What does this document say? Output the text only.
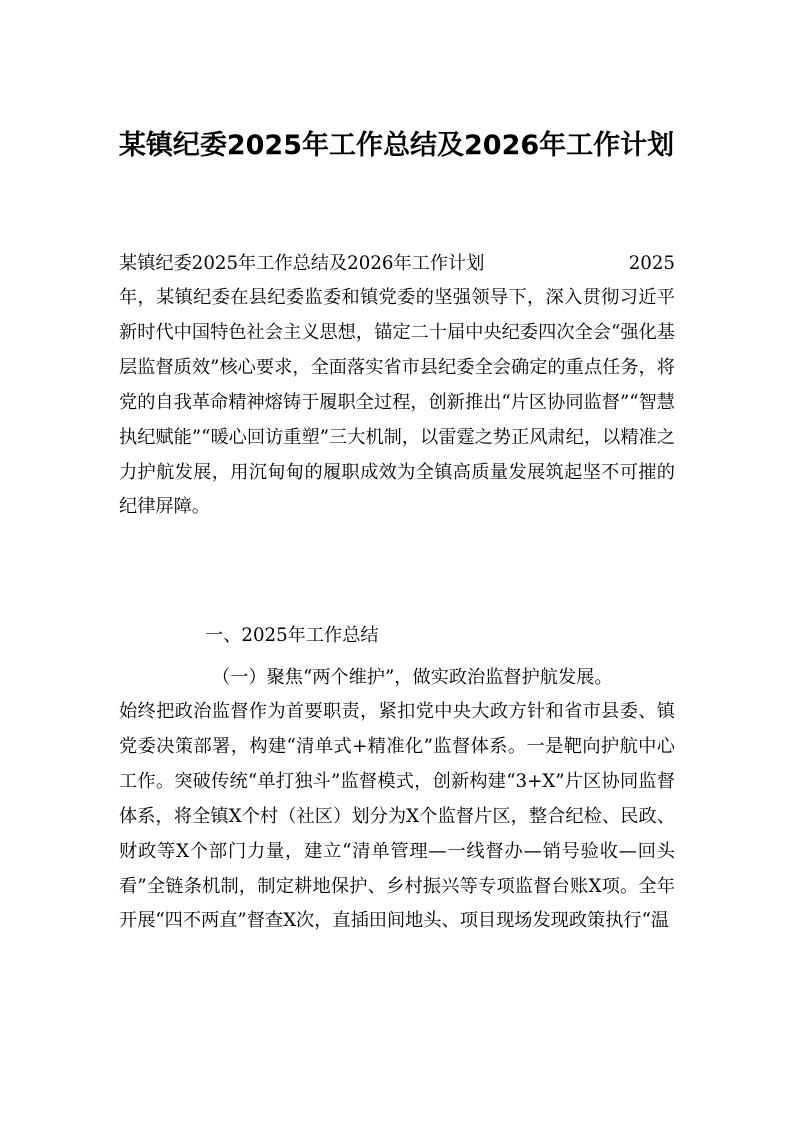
某镇纪委2025年工作总结及2026年工作计划
某镇纪委2025年工作总结及2026年工作计划	2025

年，某镇纪委在县纪委监委和镇党委的坚强领导下，深入贯彻习近平新时代中国特色社会主义思想，锚定二十届中央纪委四次全会“强化基层监督质效”核心要求，全面落实省市县纪委全会确定的重点任务，将党的自我革命精神熔铸于履职全过程，创新推出“片区协同监督”“智慧执纪赋能”“暖心回访重塑”三大机制，以雷霆之势正风肃纪，以精准之力护航发展，用沉甸甸的履职成效为全镇高质量发展筑起坚不可摧的纪律屏障。

一、2025年工作总结

（一）聚焦“两个维护”，做实政治监督护航发展。

始终把政治监督作为首要职责，紧扣党中央大政方针和省市县委、镇党委决策部署，构建“清单式+精准化”监督体系。一是靶向护航中心工作。突破传统“单打独斗”监督模式，创新构建“3+X”片区协同监督体系，将全镇X个村（社区）划分为X个监督片区，整合纪检、民政、财政等X个部门力量，建立“清单管理—一线督办—销号验收—回头看”全链条机制，制定耕地保护、乡村振兴等专项监督台账X项。全年开展“四不两直”督查X次，直插田间地头、项目现场发现政策执行“温
